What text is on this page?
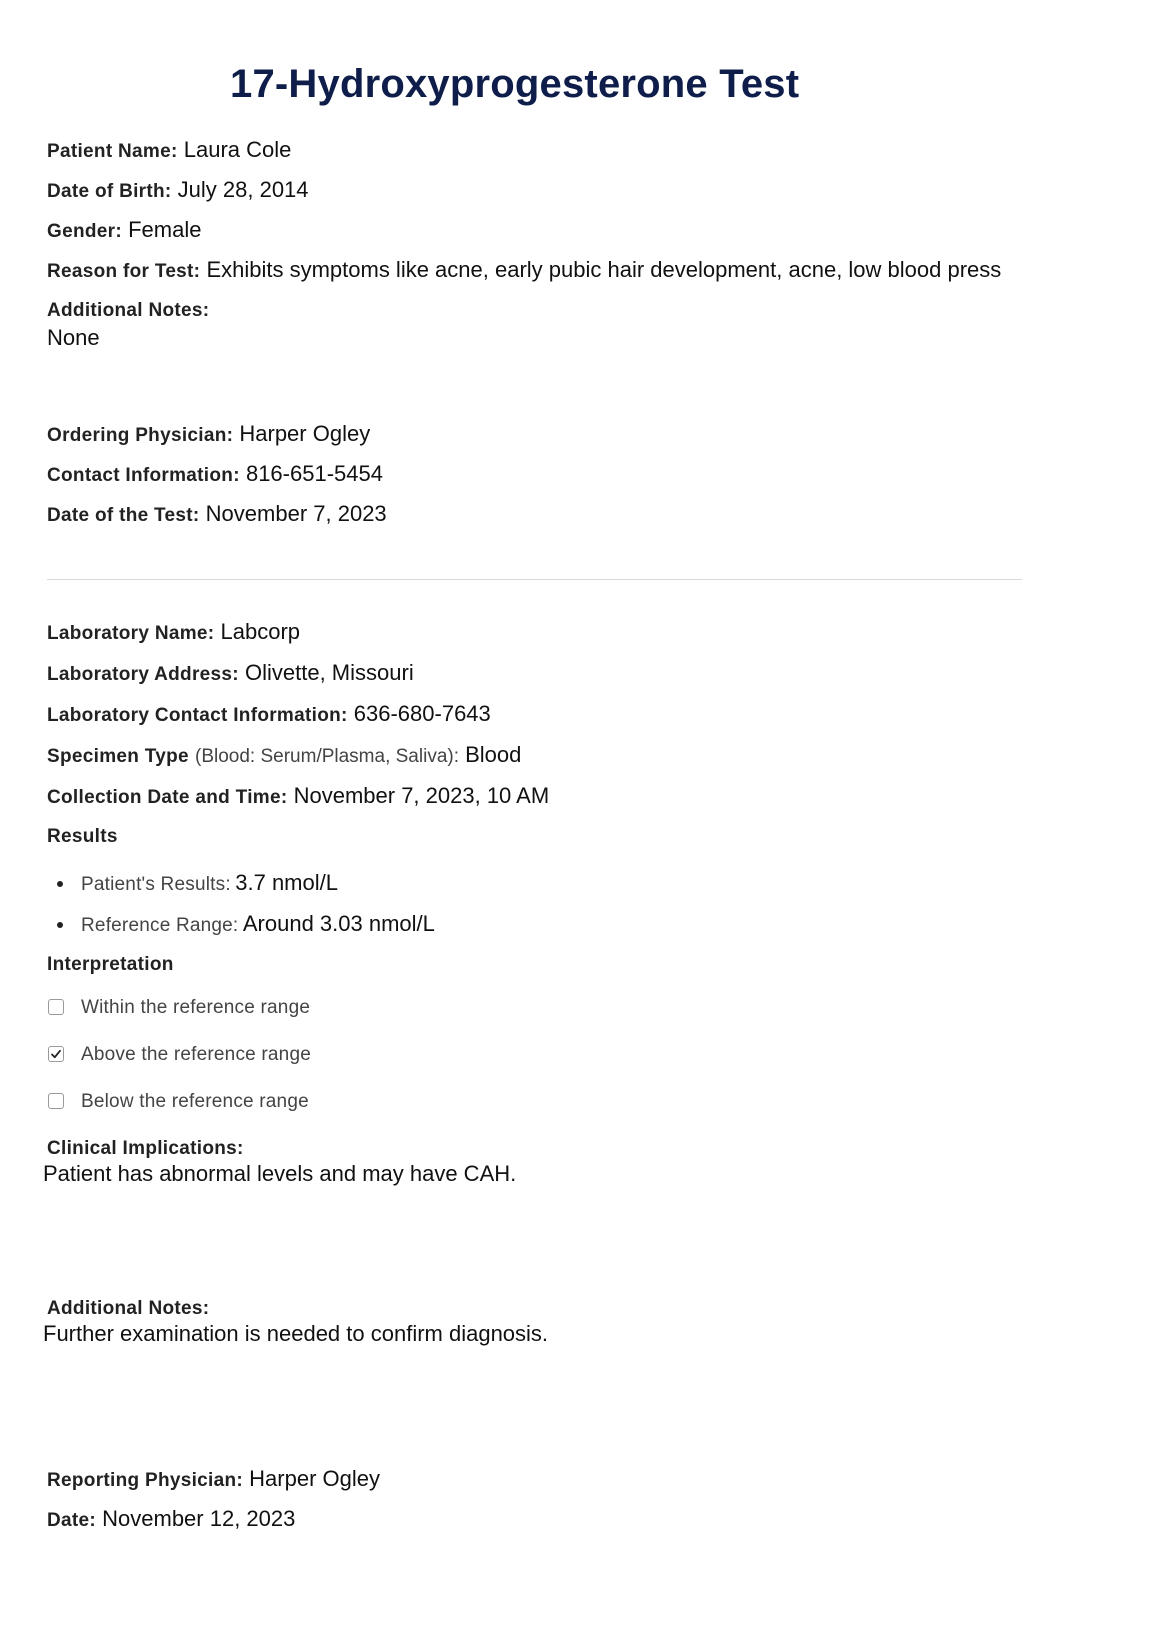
17-Hydroxyprogesterone Test
Patient Name: Laura Cole
Date of Birth: July 28, 2014
Gender: Female
Reason for Test: Exhibits symptoms like acne, early pubic hair development, acne, low blood press
Additional Notes:
None
Ordering Physician: Harper Ogley
Contact Information: 816-651-5454
Date of the Test: November 7, 2023
Laboratory Name: Labcorp
Laboratory Address: Olivette, Missouri
Laboratory Contact Information: 636-680-7643
Specimen Type (Blood: Serum/Plasma, Saliva): Blood
Collection Date and Time: November 7, 2023, 10 AM
Results
Patient's Results: 3.7 nmol/L
Reference Range: Around 3.03 nmol/L
Interpretation
Within the reference range
Above the reference range
Below the reference range
Clinical Implications:
Patient has abnormal levels and may have CAH.
Additional Notes:
Further examination is needed to confirm diagnosis.
Reporting Physician: Harper Ogley
Date: November 12, 2023
